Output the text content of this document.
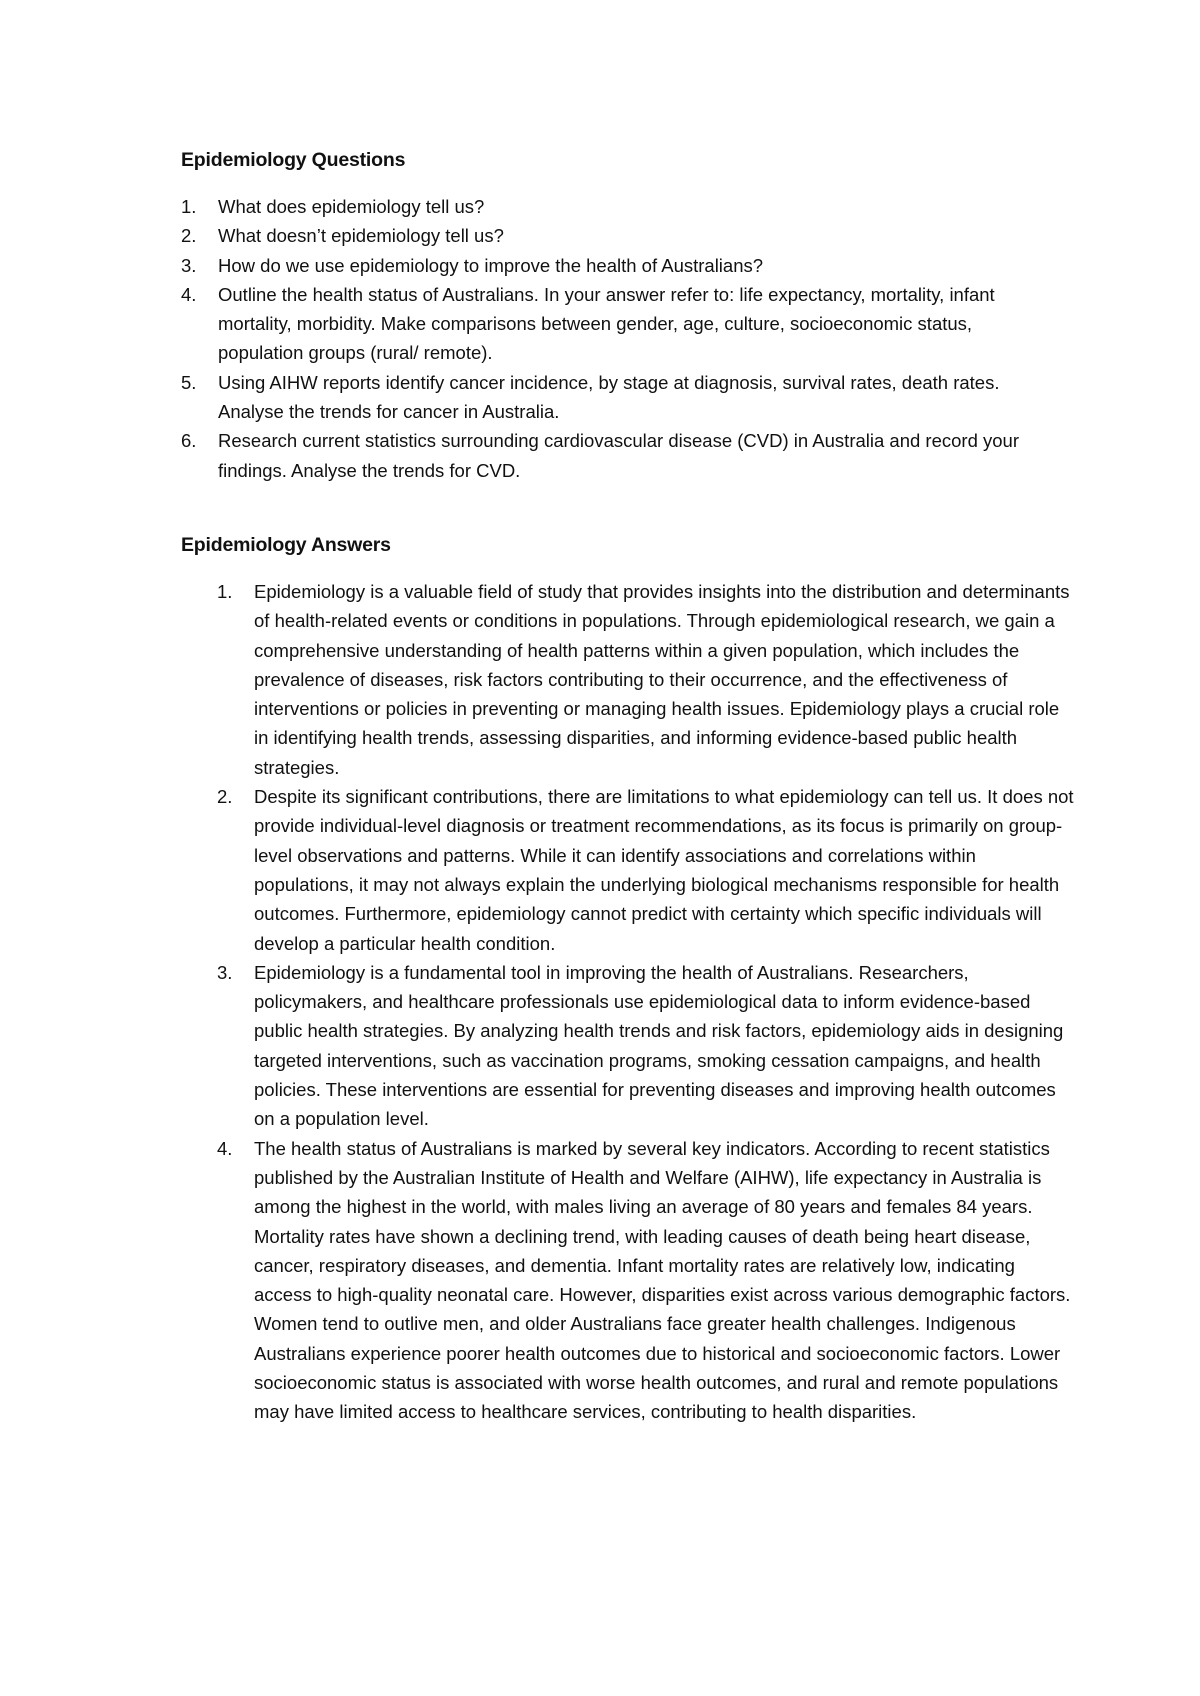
Epidemiology Questions
1. What does epidemiology tell us?
2. What doesn’t epidemiology tell us?
3. How do we use epidemiology to improve the health of Australians?
4. Outline the health status of Australians. In your answer refer to: life expectancy, mortality, infant mortality, morbidity. Make comparisons between gender, age, culture, socioeconomic status, population groups (rural/ remote).
5. Using AIHW reports identify cancer incidence, by stage at diagnosis, survival rates, death rates. Analyse the trends for cancer in Australia.
6. Research current statistics surrounding cardiovascular disease (CVD) in Australia and record your findings. Analyse the trends for CVD.
Epidemiology Answers
1. Epidemiology is a valuable field of study that provides insights into the distribution and determinants of health-related events or conditions in populations. Through epidemiological research, we gain a comprehensive understanding of health patterns within a given population, which includes the prevalence of diseases, risk factors contributing to their occurrence, and the effectiveness of interventions or policies in preventing or managing health issues. Epidemiology plays a crucial role in identifying health trends, assessing disparities, and informing evidence-based public health strategies.
2. Despite its significant contributions, there are limitations to what epidemiology can tell us. It does not provide individual-level diagnosis or treatment recommendations, as its focus is primarily on group-level observations and patterns. While it can identify associations and correlations within populations, it may not always explain the underlying biological mechanisms responsible for health outcomes. Furthermore, epidemiology cannot predict with certainty which specific individuals will develop a particular health condition.
3. Epidemiology is a fundamental tool in improving the health of Australians. Researchers, policymakers, and healthcare professionals use epidemiological data to inform evidence-based public health strategies. By analyzing health trends and risk factors, epidemiology aids in designing targeted interventions, such as vaccination programs, smoking cessation campaigns, and health policies. These interventions are essential for preventing diseases and improving health outcomes on a population level.
4. The health status of Australians is marked by several key indicators. According to recent statistics published by the Australian Institute of Health and Welfare (AIHW), life expectancy in Australia is among the highest in the world, with males living an average of 80 years and females 84 years. Mortality rates have shown a declining trend, with leading causes of death being heart disease, cancer, respiratory diseases, and dementia. Infant mortality rates are relatively low, indicating access to high-quality neonatal care. However, disparities exist across various demographic factors. Women tend to outlive men, and older Australians face greater health challenges. Indigenous Australians experience poorer health outcomes due to historical and socioeconomic factors. Lower socioeconomic status is associated with worse health outcomes, and rural and remote populations may have limited access to healthcare services, contributing to health disparities.
